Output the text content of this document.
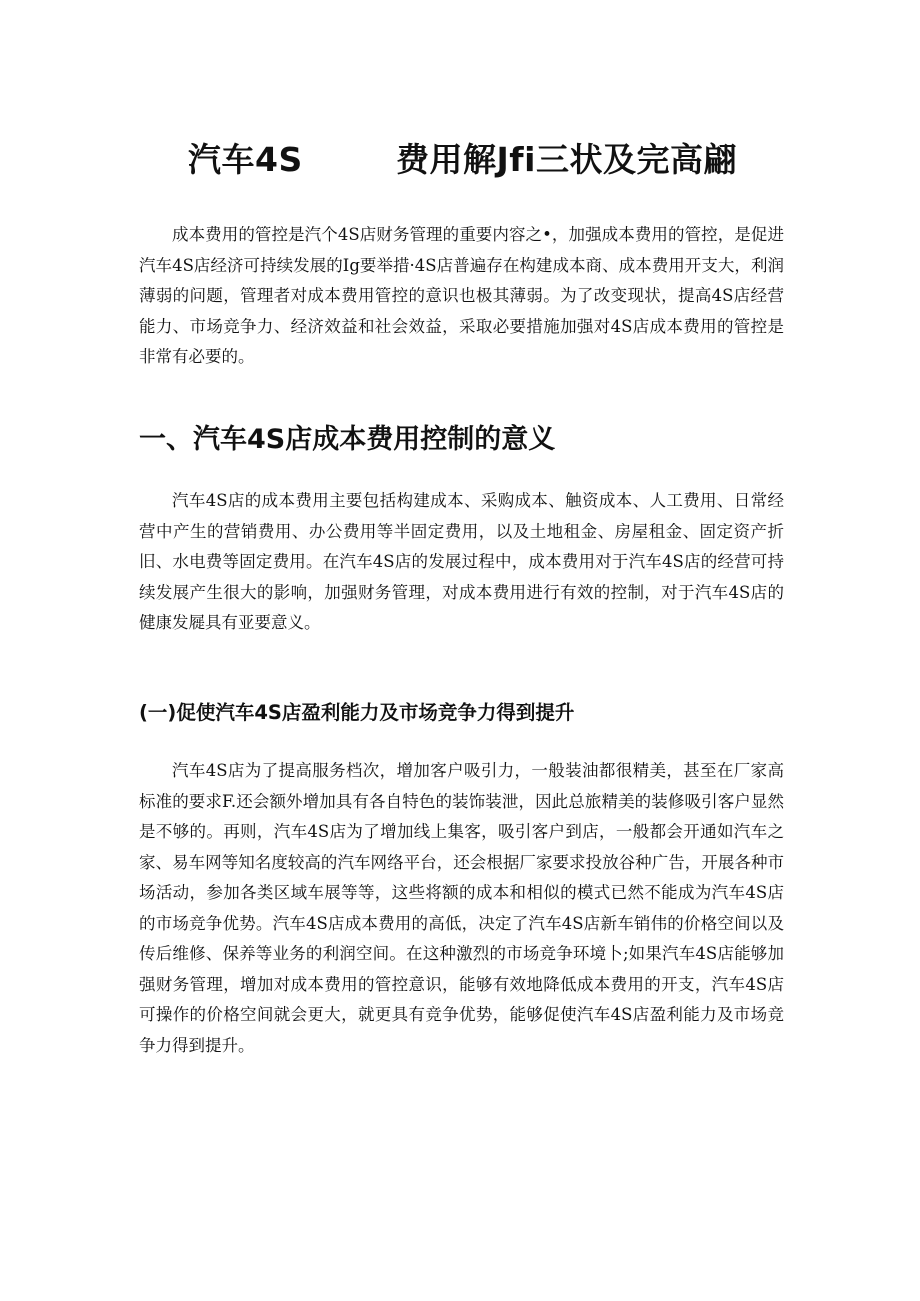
汽车4S	费用解Jfi三状及完高翩

成本费用的管控是汽个4S店财务管理的重要内容之•，加强成本费用的管控，是促进汽车4S店经济可持续发展的Ig要举措·4S店普遍存在构建成本商、成本费用开支大，利润薄弱的问题，管理者对成本费用管控的意识也极其薄弱。为了改变现状，提高4S店经营能力、市场竞争力、经济效益和社会效益，采取必要措施加强对4S店成本费用的管控是非常有必要的。

一、汽车4S店成本费用控制的意义

汽车4S店的成本费用主要包括构建成本、采购成本、触资成本、人工费用、日常经营中产生的营销费用、办公费用等半固定费用，以及土地租金、房屋租金、固定资产折旧、水电费等固定费用。在汽车4S店的发展过程中，成本费用对于汽车4S店的经营可持续发展产生很大的影响，加强财务管理，对成本费用进行有效的控制，对于汽车4S店的健康发屣具有亚要意义。

(一)促使汽车4S店盈利能力及市场竞争力得到提升

汽车4S店为了提高服务档次，增加客户吸引力，一般装油都很精美，甚至在厂家高标准的要求F.还会额外增加具有各自特色的装饰装泄，因此总旅精美的装修吸引客户显然是不够的。再则，汽车4S店为了增加线上集客，吸引客户到店，一般都会开通如汽车之家、易车网等知名度较高的汽车网络平台，还会根据厂家要求投放谷种广告，开展各种市场活动，参加各类区域车展等等，这些将额的成本和相似的模式已然不能成为汽车4S店的市场竞争优势。汽车4S店成本费用的高低，决定了汽车4S店新车销伟的价格空间以及传后维修、保养等业务的利润空间。在这种激烈的市场竞争环境卜;如果汽车4S店能够加强财务管理，增加对成本费用的管控意识，能够有效地降低成本费用的开支，汽车4S店可操作的价格空间就会更大，就更具有竞争优势，能够促使汽车4S店盈利能力及市场竞争力得到提升。
